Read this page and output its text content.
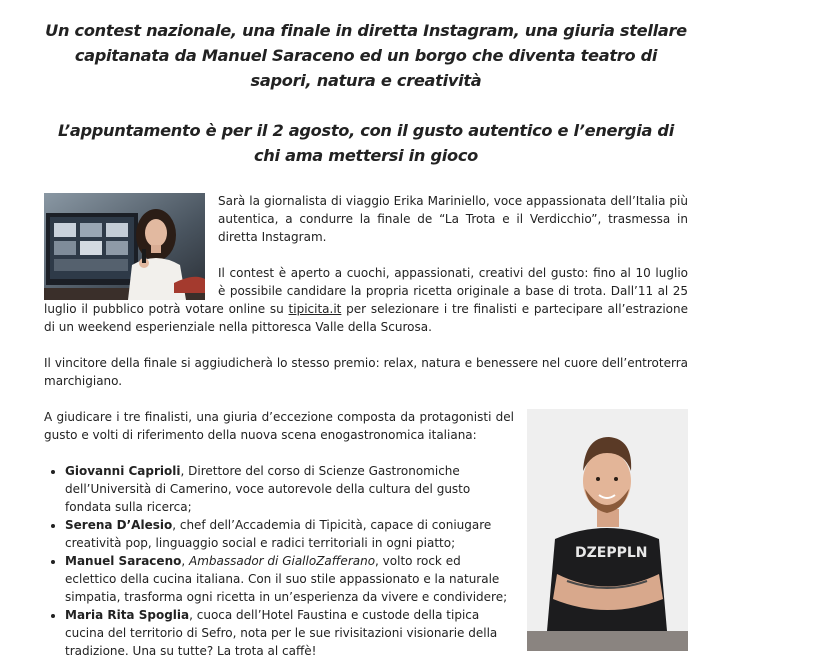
Un contest nazionale, una finale in diretta Instagram, una giuria stellare capitanata da Manuel Saraceno ed un borgo che diventa teatro di sapori, natura e creatività

L’appuntamento è per il 2 agosto, con il gusto autentico e l’energia di chi ama mettersi in gioco

Sarà la giornalista di viaggio Erika Mariniello, voce appassionata dell’Italia più autentica, a condurre la finale de “La Trota e il Verdicchio”, trasmessa in diretta Instagram.

Il contest è aperto a cuochi, appassionati, creativi del gusto: fino al 10 luglio è possibile candidare la propria ricetta originale a base di trota. Dall’11 al 25 luglio il pubblico potrà votare online su tipicita.it per selezionare i tre finalisti e partecipare all’estrazione di un weekend esperienziale nella pittoresca Valle della Scurosa.

Il vincitore della finale si aggiudicherà lo stesso premio: relax, natura e benessere nel cuore dell’entroterra marchigiano.

A giudicare i tre finalisti, una giuria d’eccezione composta da protagonisti del gusto e volti di riferimento della nuova scena enogastronomica italiana:

• Giovanni Caprioli, Direttore del corso di Scienze Gastronomiche dell’Università di Camerino, voce autorevole della cultura del gusto fondata sulla ricerca;
• Serena D’Alesio, chef dell’Accademia di Tipicità, capace di coniugare creatività pop, linguaggio social e radici territoriali in ogni piatto;
• Manuel Saraceno, Ambassador di GialloZafferano, volto rock ed eclettico della cucina italiana. Con il suo stile appassionato e la naturale simpatia, trasforma ogni ricetta in un’esperienza da vivere e condividere;
• Maria Rita Spoglia, cuoca dell’Hotel Faustina e custode della tipica cucina del territorio di Sefro, nota per le sue rivisitazioni visionarie della tradizione. Una su tutte? La trota al caffè!
DZEPPLN
